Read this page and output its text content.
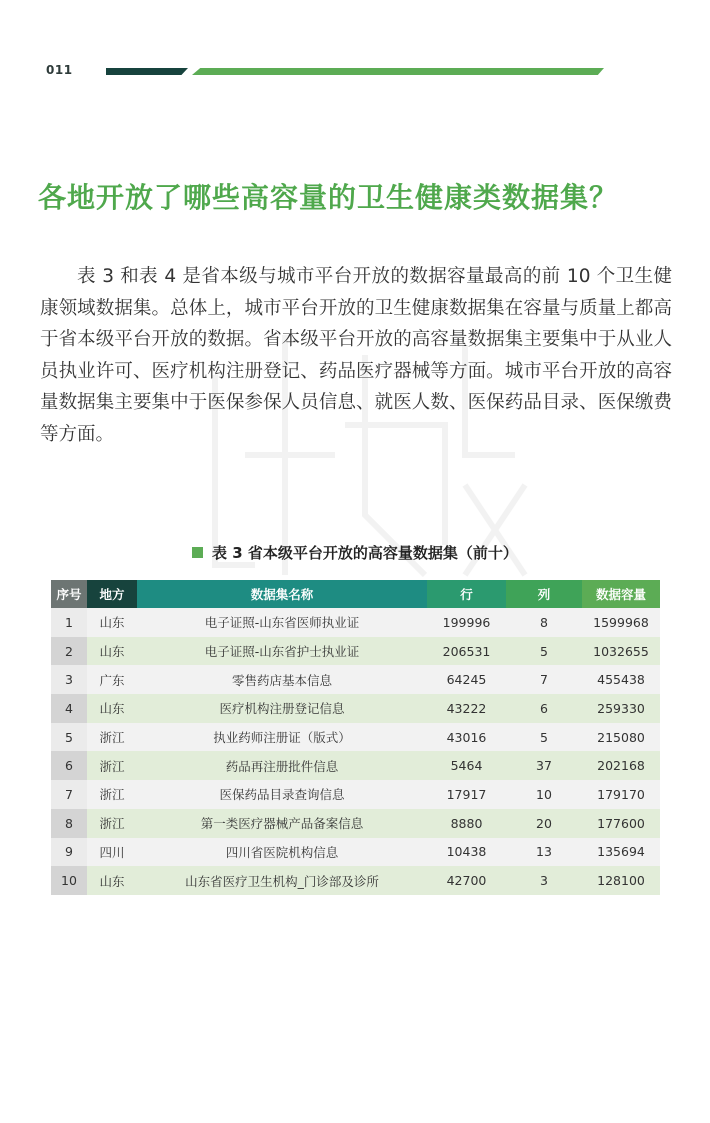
011
各地开放了哪些高容量的卫生健康类数据集？

表 3 和表 4 是省本级与城市平台开放的数据容量最高的前 10 个卫生健康领域数据集。总体上，城市平台开放的卫生健康数据集在容量与质量上都高于省本级平台开放的数据。省本级平台开放的高容量数据集主要集中于从业人员执业许可、医疗机构注册登记、药品医疗器械等方面。城市平台开放的高容量数据集主要集中于医保参保人员信息、就医人数、医保药品目录、医保缴费等方面。

表 3 省本级平台开放的高容量数据集（前十）
序号	地方	数据集名称	行	列	数据容量
1	山东	电子证照-山东省医师执业证	199996	8	1599968
2	山东	电子证照-山东省护士执业证	206531	5	1032655
3	广东	零售药店基本信息	64245	7	455438
4	山东	医疗机构注册登记信息	43222	6	259330
5	浙江	执业药师注册证（版式）	43016	5	215080
6	浙江	药品再注册批件信息	5464	37	202168
7	浙江	医保药品目录查询信息	17917	10	179170
8	浙江	第一类医疗器械产品备案信息	8880	20	177600
9	四川	四川省医院机构信息	10438	13	135694
10	山东	山东省医疗卫生机构_门诊部及诊所	42700	3	128100
